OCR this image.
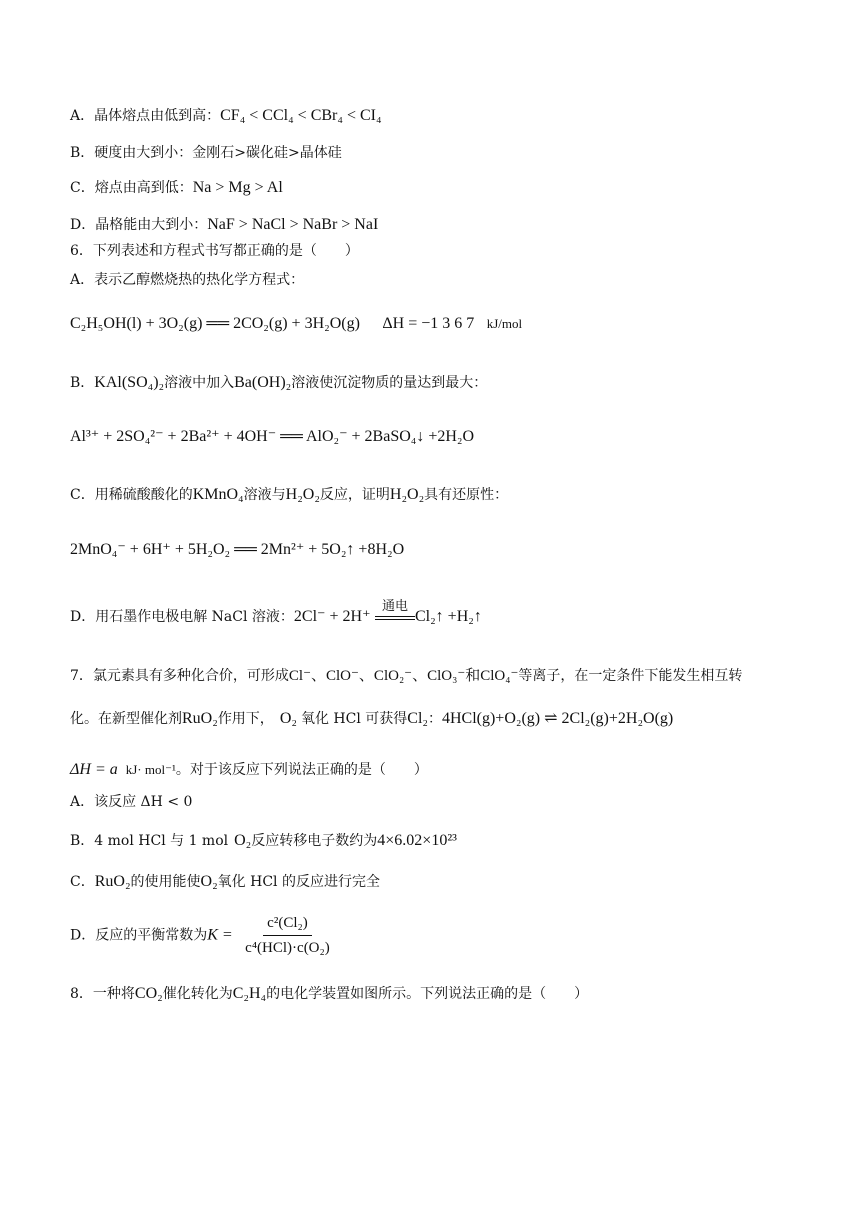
A．晶体熔点由低到高：CF₄ < CCl₄ < CBr₄ < CI₄
B．硬度由大到小：金刚石>碳化硅>晶体硅
C．熔点由高到低：Na > Mg > Al
D．晶格能由大到小：NaF > NaCl > NaBr > NaI
6．下列表述和方程式书写都正确的是（　　）
A．表示乙醇燃烧热的热化学方程式：
C₂H₅OH(l) + 3O₂(g) ══ 2CO₂(g) + 3H₂O(g) ΔH = −1 3 6 7 kJ/mol
B．KAl(SO₄)₂溶液中加入Ba(OH)₂溶液使沉淀物质的量达到最大：
Al³⁺ + 2SO₄²⁻ + 2Ba²⁺ + 4OH⁻ ══ AlO₂⁻ + 2BaSO₄↓ +2H₂O
C．用稀硫酸酸化的KMnO₄溶液与H₂O₂反应，证明H₂O₂具有还原性：
2MnO₄⁻ + 6H⁺ + 5H₂O₂ ══ 2Mn²⁺ + 5O₂↑ +8H₂O
D．用石墨作电极电解 NaCl 溶液：2Cl⁻ + 2H⁺
通电
Cl₂↑ +H₂↑
7．氯元素具有多种化合价，可形成Cl⁻、ClO⁻、ClO₂⁻、ClO₃⁻和ClO₄⁻等离子，在一定条件下能发生相互转
化。在新型催化剂RuO₂作用下， O₂ 氧化 HCl 可获得Cl₂：4HCl(g)+O₂(g) ⇌ 2Cl₂(g)+2H₂O(g)
ΔH = a kJ· mol⁻¹。对于该反应下列说法正确的是（　　）
A．该反应 ΔH < 0
B．4 mol HCl 与 1 mol O₂反应转移电子数约为4×6.02×10²³
C．RuO₂的使用能使O₂氧化 HCl 的反应进行完全
D．反应的平衡常数为$K = \frac{\text{c²(Cl₂)}}{\text{c⁴(HCl)·c(O₂)}}$
8．一种将CO₂催化转化为C₂H₄的电化学装置如图所示。下列说法正确的是（　　）
